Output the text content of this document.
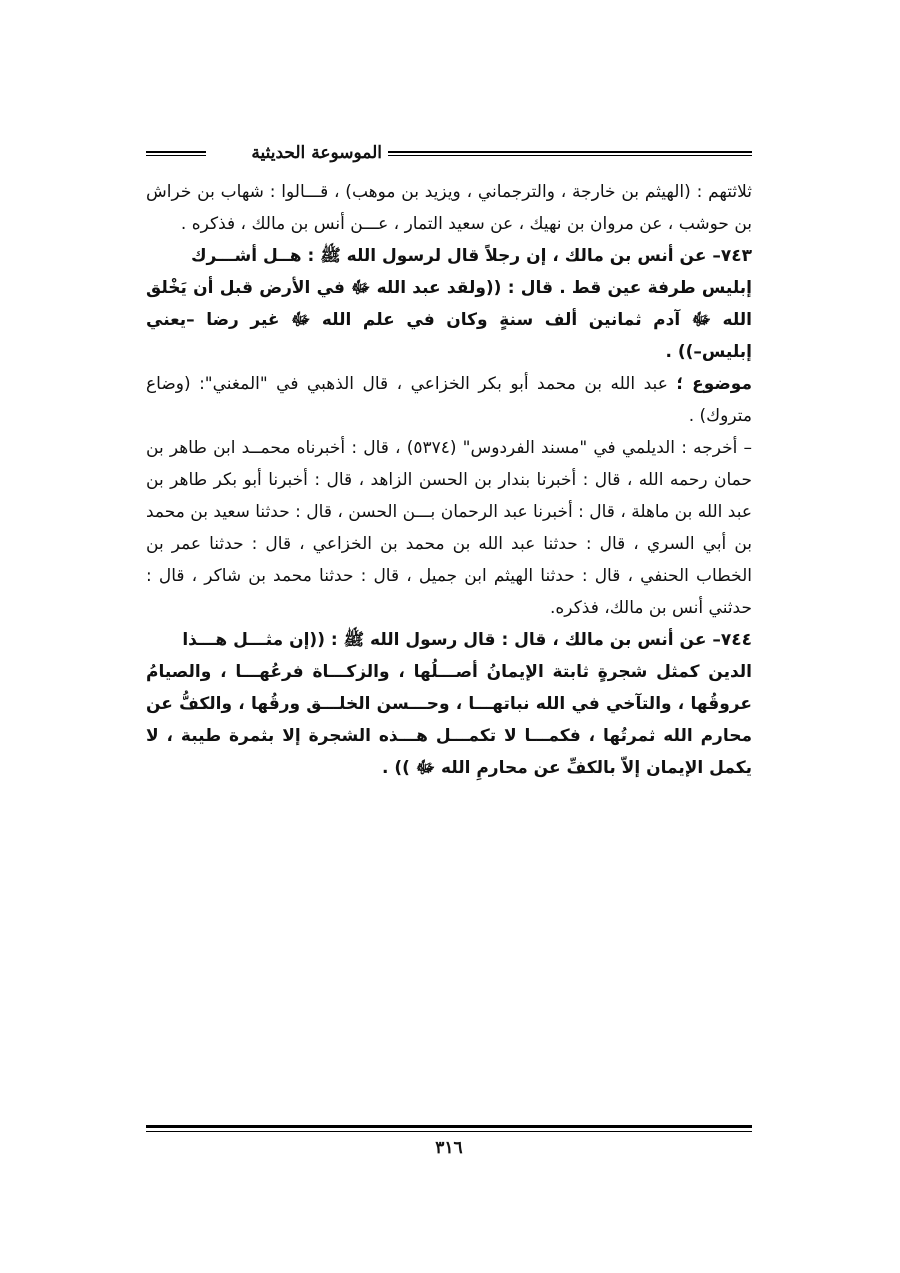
الموسوعة الحديثية

ثلاثتهم : (الهيثم بن خارجة ، والترجماني ، ويزيد بن موهب) ، قـــالوا : شهاب بن خراش بن حوشب ، عن مروان بن نهيك ، عن سعيد التمار ، عـــن أنس بن مالك ، فذكره .

٧٤٣– عن أنس بن مالك ، إن رجلاً قال لرسول الله ﷺ : هــل أشـــرك

إبليس طرفة عين قط . قال : ((ولقد عبد الله ﷻ في الأرض قبل أن يَخْلق الله ﷻ آدم ثمانين ألف سنةٍ وكان في علم الله ﷻ غير رضا –يعني إبليس–)) .

موضوع ؛ عبد الله بن محمد أبو بكر الخزاعي ، قال الذهبي في "المغني": (وضاع متروك) .

– أخرجه : الديلمي في "مسند الفردوس" (٥٣٧٤) ، قال : أخبرناه محمــد ابن طاهر بن حمان رحمه الله ، قال : أخبرنا بندار بن الحسن الزاهد ، قال : أخبرنا أبو بكر طاهر بن عبد الله بن ماهلة ، قال : أخبرنا عبد الرحمان بـــن الحسن ، قال : حدثنا سعيد بن محمد بن أبي السري ، قال : حدثنا عبد الله بن محمد بن الخزاعي ، قال : حدثنا عمر بن الخطاب الحنفي ، قال : حدثنا الهيثم ابن جميل ، قال : حدثنا محمد بن شاكر ، قال : حدثني أنس بن مالك، فذكره.

٧٤٤– عن أنس بن مالك ، قال : قال رسول الله ﷺ : ((إن مثـــل هـــذا

الدين كمثل شجرةٍ ثابتة الإيمانُ أصـــلُها ، والزكـــاة فرعُهـــا ، والصيامُ عروقُها ، والتآخي في الله نباتهـــا ، وحـــسن الخلـــق ورقُها ، والكفُّ عن محارم الله ثمرتُها ، فكمـــا لا تكمـــل هـــذه الشجرة إلا بثمرة طيبة ، لا يكمل الإيمان إلاّ بالكفِّ عن محارمِ الله ﷻ )) .

٣١٦
